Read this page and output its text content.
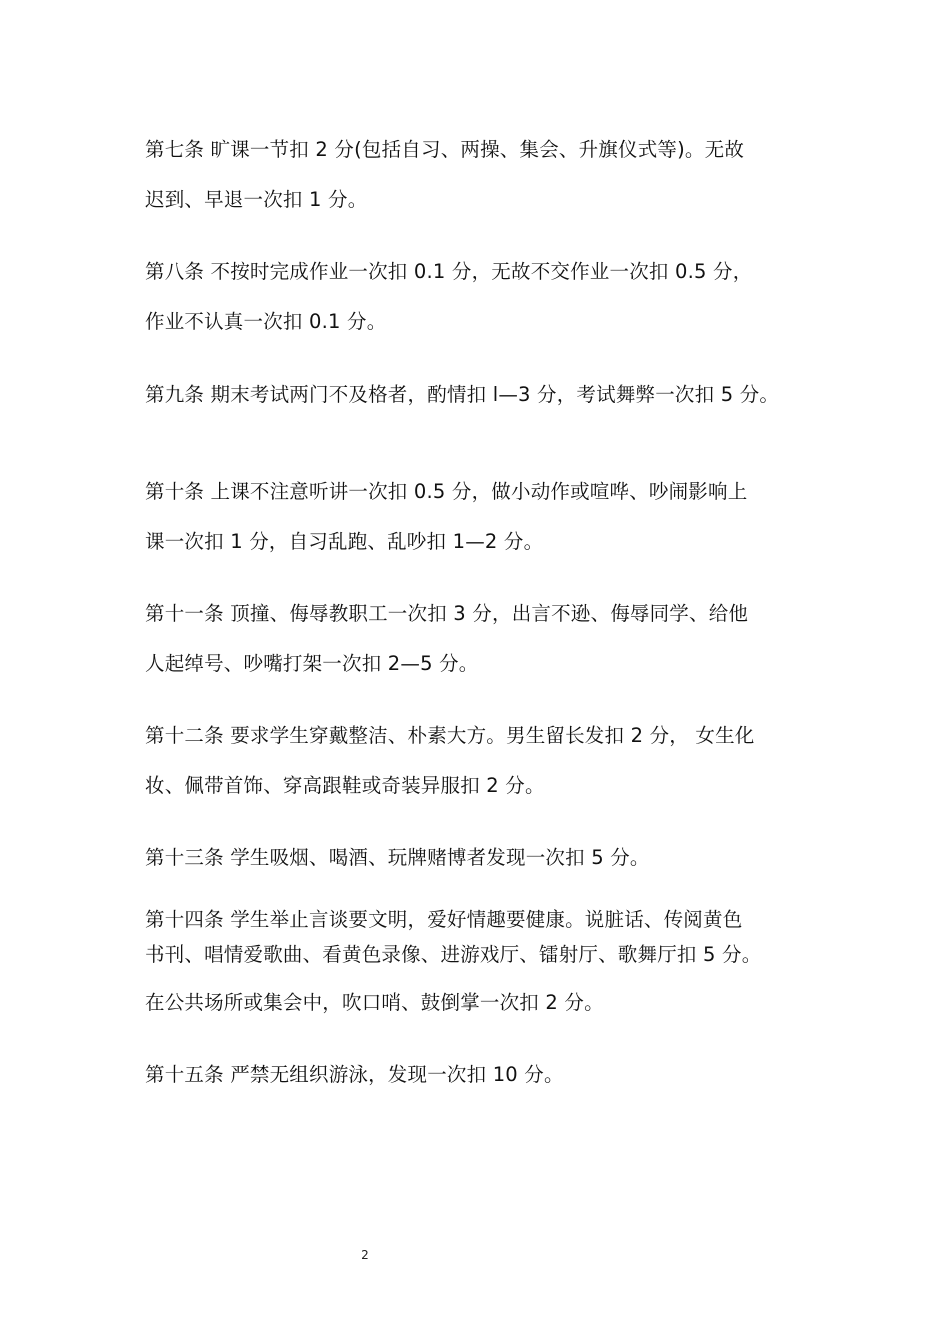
第七条 旷课一节扣 2 分(包括自习、两操、集会、升旗仪式等)。无故
迟到、早退一次扣 1 分。
第八条 不按时完成作业一次扣 0.1 分，无故不交作业一次扣 0.5 分，
作业不认真一次扣 0.1 分。
第九条 期末考试两门不及格者，酌情扣 l—3 分，考试舞弊一次扣 5 分。
第十条 上课不注意听讲一次扣 0.5 分，做小动作或喧哗、吵闹影响上
课一次扣 1 分，自习乱跑、乱吵扣 1—2 分。
第十一条 顶撞、侮辱教职工一次扣 3 分，出言不逊、侮辱同学、给他
人起绰号、吵嘴打架一次扣 2—5 分。
第十二条 要求学生穿戴整洁、朴素大方。男生留长发扣 2 分， 女生化
妆、佩带首饰、穿高跟鞋或奇装异服扣 2 分。
第十三条 学生吸烟、喝酒、玩牌赌博者发现一次扣 5 分。
第十四条 学生举止言谈要文明，爱好情趣要健康。说脏话、传阅黄色
书刊、唱情爱歌曲、看黄色录像、进游戏厅、镭射厅、歌舞厅扣 5 分。
在公共场所或集会中，吹口哨、鼓倒掌一次扣 2 分。
第十五条 严禁无组织游泳，发现一次扣 10 分。
2
